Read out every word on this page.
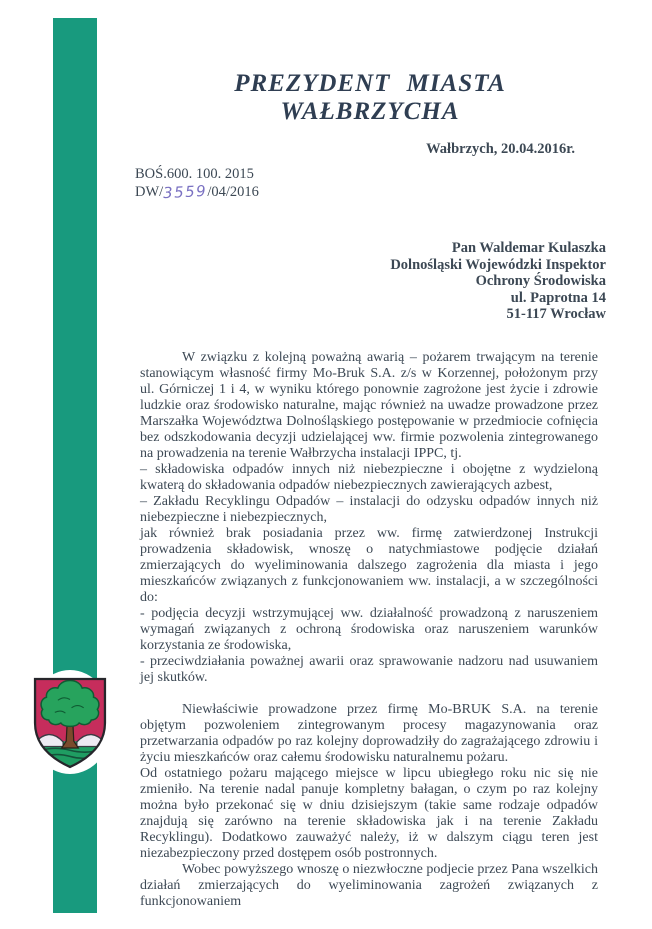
PREZYDENT MIASTA WAŁBRZYCHA
Wałbrzych, 20.04.2016r.
BOŚ.600. 100. 2015
DW/3559/04/2016
Pan Waldemar Kulaszka
Dolnośląski Wojewódzki Inspektor
Ochrony Środowiska
ul. Paprotna 14
51-117 Wrocław

W związku z kolejną poważną awarią – pożarem trwającym na terenie stanowiącym własność firmy Mo-Bruk S.A. z/s w Korzennej, położonym przy ul. Górniczej 1 i 4, w wyniku którego ponownie zagrożone jest życie i zdrowie ludzkie oraz środowisko naturalne, mając również na uwadze prowadzone przez Marszałka Województwa Dolnośląskiego postępowanie w przedmiocie cofnięcia bez odszkodowania decyzji udzielającej ww. firmie pozwolenia zintegrowanego na prowadzenia na terenie Wałbrzycha instalacji IPPC, tj.

– składowiska odpadów innych niż niebezpieczne i obojętne z wydzieloną kwaterą do składowania odpadów niebezpiecznych zawierających azbest,

– Zakładu Recyklingu Odpadów – instalacji do odzysku odpadów innych niż niebezpieczne i niebezpiecznych,

jak również brak posiadania przez ww. firmę zatwierdzonej Instrukcji prowadzenia składowisk, wnoszę o natychmiastowe podjęcie działań zmierzających do wyeliminowania dalszego zagrożenia dla miasta i jego mieszkańców związanych z funkcjonowaniem ww. instalacji, a w szczególności do:

- podjęcia decyzji wstrzymującej ww. działalność prowadzoną z naruszeniem wymagań związanych z ochroną środowiska oraz naruszeniem warunków korzystania ze środowiska,

- przeciwdziałania poważnej awarii oraz sprawowanie nadzoru nad usuwaniem jej skutków.

Niewłaściwie prowadzone przez firmę Mo-BRUK S.A. na terenie objętym pozwoleniem zintegrowanym procesy magazynowania oraz przetwarzania odpadów po raz kolejny doprowadziły do zagrażającego zdrowiu i życiu mieszkańców oraz całemu środowisku naturalnemu pożaru.

Od ostatniego pożaru mającego miejsce w lipcu ubiegłego roku nic się nie zmieniło. Na terenie nadal panuje kompletny bałagan, o czym po raz kolejny można było przekonać się w dniu dzisiejszym (takie same rodzaje odpadów znajdują się zarówno na terenie składowiska jak i na terenie Zakładu Recyklingu). Dodatkowo zauważyć należy, iż w dalszym ciągu teren jest niezabezpieczony przed dostępem osób postronnych.

Wobec powyższego wnoszę o niezwłoczne podjecie przez Pana wszelkich działań zmierzających do wyeliminowania zagrożeń związanych z funkcjonowaniem
